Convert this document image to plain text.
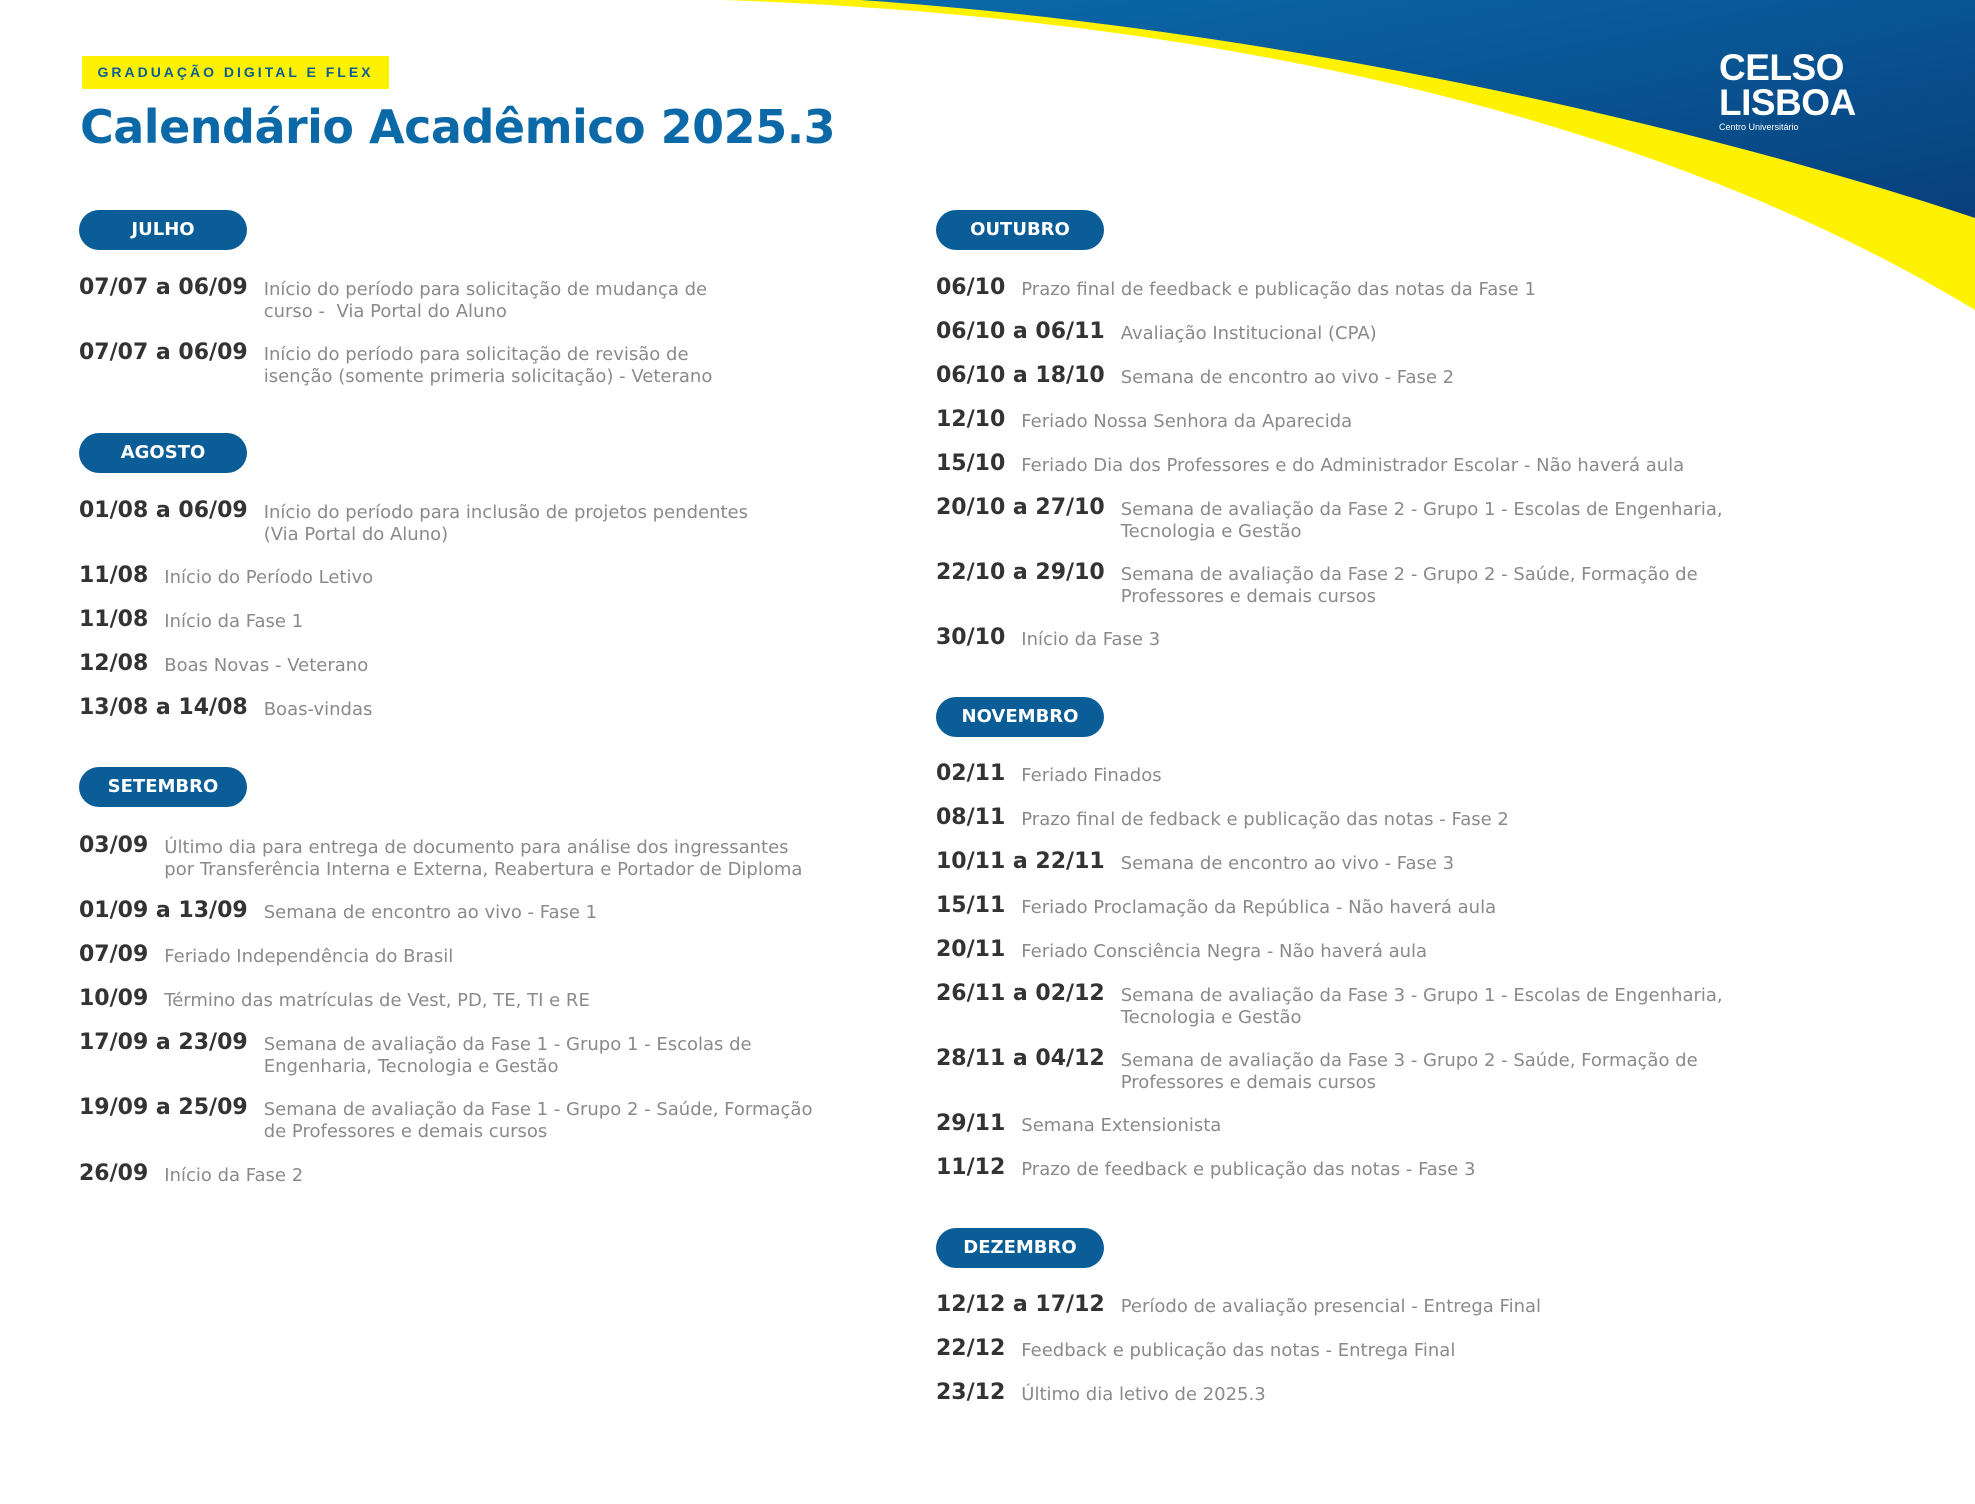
CELSO
LISBOA
Centro Universitário
GRADUAÇÃO DIGITAL E FLEX
Calendário Acadêmico 2025.3
JULHO
07/07 a 06/09 Início do período para solicitação de mudança de
curso -  Via Portal do Aluno
07/07 a 06/09 Início do período para solicitação de revisão de
isenção (somente primeria solicitação) - Veterano
AGOSTO
01/08 a 06/09 Início do período para inclusão de projetos pendentes
(Via Portal do Aluno)
11/08 Início do Período Letivo
11/08 Início da Fase 1
12/08 Boas Novas - Veterano
13/08 a 14/08 Boas-vindas
SETEMBRO
03/09 Último dia para entrega de documento para análise dos ingressantes
por Transferência Interna e Externa, Reabertura e Portador de Diploma
01/09 a 13/09 Semana de encontro ao vivo - Fase 1
07/09 Feriado Independência do Brasil
10/09 Término das matrículas de Vest, PD, TE, TI e RE
17/09 a 23/09 Semana de avaliação da Fase 1 - Grupo 1 - Escolas de
Engenharia, Tecnologia e Gestão
19/09 a 25/09 Semana de avaliação da Fase 1 - Grupo 2 - Saúde, Formação
de Professores e demais cursos
26/09 Início da Fase 2
OUTUBRO
06/10 Prazo final de feedback e publicação das notas da Fase 1
06/10 a 06/11 Avaliação Institucional (CPA)
06/10 a 18/10 Semana de encontro ao vivo - Fase 2
12/10 Feriado Nossa Senhora da Aparecida
15/10 Feriado Dia dos Professores e do Administrador Escolar - Não haverá aula
20/10 a 27/10 Semana de avaliação da Fase 2 - Grupo 1 - Escolas de Engenharia,
Tecnologia e Gestão
22/10 a 29/10 Semana de avaliação da Fase 2 - Grupo 2 - Saúde, Formação de
Professores e demais cursos
30/10 Início da Fase 3
NOVEMBRO
02/11 Feriado Finados
08/11 Prazo final de fedback e publicação das notas - Fase 2
10/11 a 22/11 Semana de encontro ao vivo - Fase 3
15/11 Feriado Proclamação da República - Não haverá aula
20/11 Feriado Consciência Negra - Não haverá aula
26/11 a 02/12 Semana de avaliação da Fase 3 - Grupo 1 - Escolas de Engenharia,
Tecnologia e Gestão
28/11 a 04/12 Semana de avaliação da Fase 3 - Grupo 2 - Saúde, Formação de
Professores e demais cursos
29/11 Semana Extensionista
11/12 Prazo de feedback e publicação das notas - Fase 3
DEZEMBRO
12/12 a 17/12 Período de avaliação presencial - Entrega Final
22/12 Feedback e publicação das notas - Entrega Final
23/12 Último dia letivo de 2025.3
